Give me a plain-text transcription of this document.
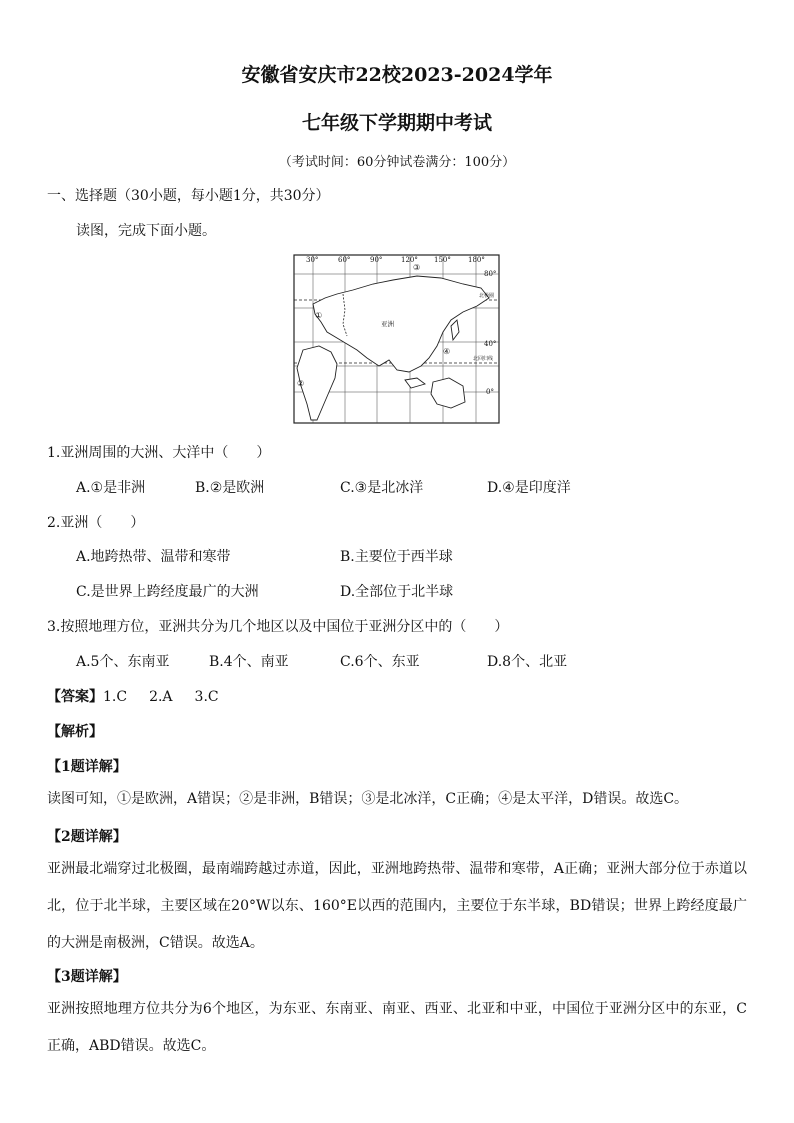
安徽省安庆市22校2023-2024学年
七年级下学期期中考试
（考试时间：60分钟试卷满分：100分）
一、选择题（30小题，每小题1分，共30分）
读图，完成下面小题。
30°	60°	90°	120° 150° 180°
80°
40°
0°
①
②
③
④
亚洲
北极圈
北回归线
1.亚洲周围的大洲、大洋中（　　）
A.①是非洲	B.②是欧洲	C.③是北冰洋	D.④是印度洋
2.亚洲（　　）
A.地跨热带、温带和寒带	B.主要位于西半球
C.是世界上跨经度最广的大洲	D.全部位于北半球
3.按照地理方位，亚洲共分为几个地区以及中国位于亚洲分区中的（　　）
A.5个、东南亚	B.4个、南亚	C.6个、东亚	D.8个、北亚
【答案】1.C 2.A 3.C
【解析】
【1题详解】
读图可知，①是欧洲，A错误；②是非洲，B错误；③是北冰洋，C正确；④是太平洋，D错误。故选C。
【2题详解】
亚洲最北端穿过北极圈，最南端跨越过赤道，因此，亚洲地跨热带、温带和寒带，A正确；亚洲大部分位于赤道以北，位于北半球，主要区域在20°W以东、160°E以西的范围内，主要位于东半球，BD错误；世界上跨经度最广的大洲是南极洲，C错误。故选A。
【3题详解】
亚洲按照地理方位共分为6个地区，为东亚、东南亚、南亚、西亚、北亚和中亚，中国位于亚洲分区中的东亚，C正确，ABD错误。故选C。
